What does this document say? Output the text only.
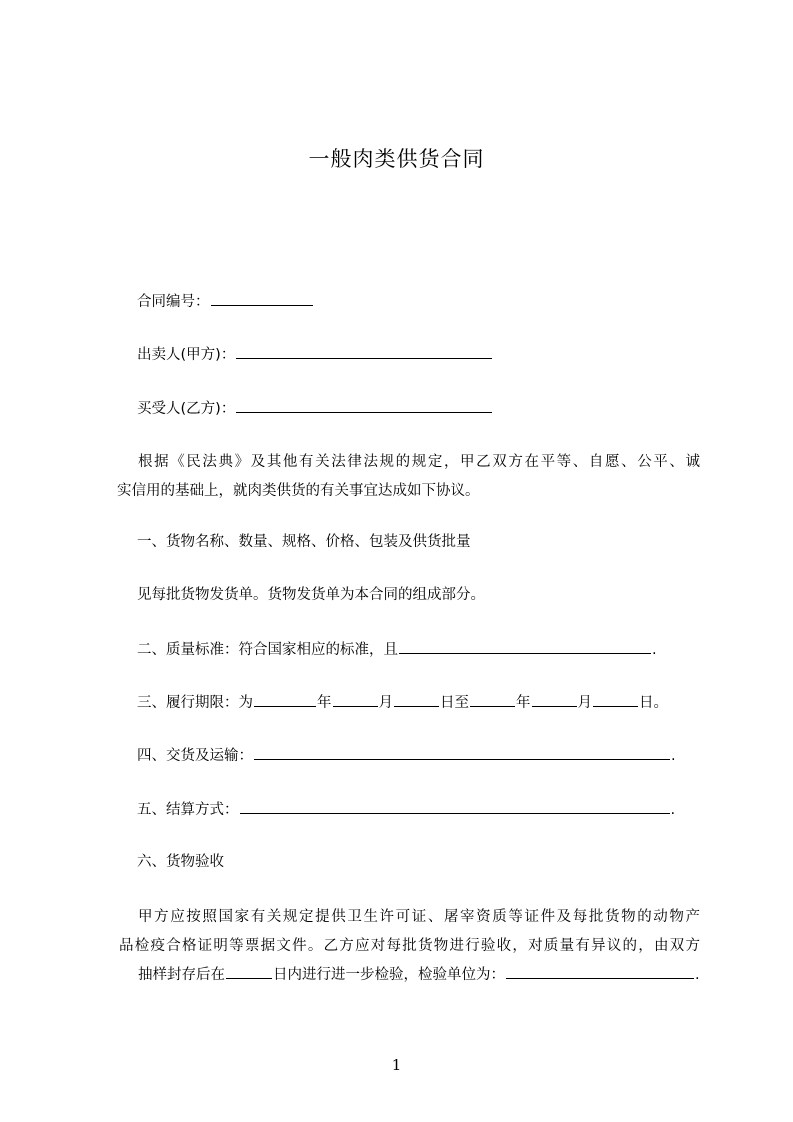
一般肉类供货合同
合同编号：
出卖人(甲方)：
买受人(乙方)：
根据《民法典》及其他有关法律法规的规定，甲乙双方在平等、自愿、公平、诚
实信用的基础上，就肉类供货的有关事宜达成如下协议。
一、货物名称、数量、规格、价格、包装及供货批量
见每批货物发货单。货物发货单为本合同的组成部分。
二、质量标准：符合国家相应的标准，且	.
三、履行期限：为	年	月	日至	年	月	日。
四、交货及运输：	.
五、结算方式：	.
六、货物验收
甲方应按照国家有关规定提供卫生许可证、屠宰资质等证件及每批货物的动物产
品检疫合格证明等票据文件。乙方应对每批货物进行验收，对质量有异议的，由双方
抽样封存后在	日内进行进一步检验，检验单位为：	.
1
